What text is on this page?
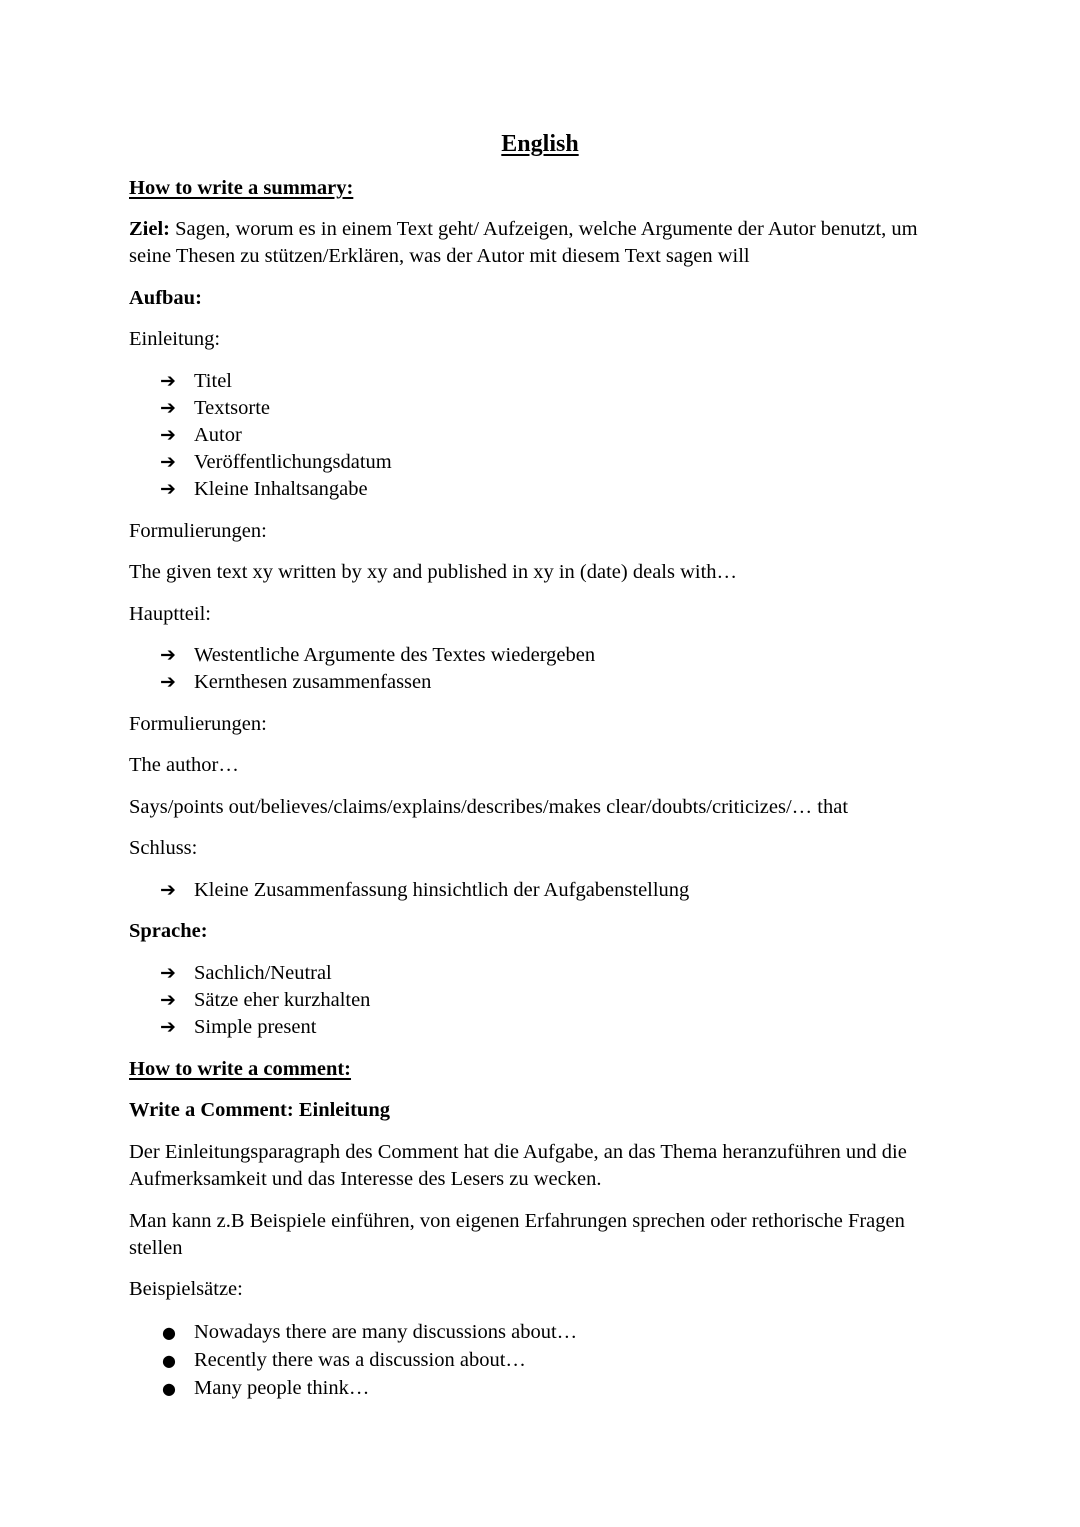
English
How to write a summary:
Ziel: Sagen, worum es in einem Text geht/ Aufzeigen, welche Argumente der Autor benutzt, um seine Thesen zu stützen/Erklären, was der Autor mit diesem Text sagen will
Aufbau:
Einleitung:
➔ Titel
➔ Textsorte
➔ Autor
➔ Veröffentlichungsdatum
➔ Kleine Inhaltsangabe
Formulierungen:
The given text xy written by xy and published in xy in (date) deals with…
Hauptteil:
➔ Westentliche Argumente des Textes wiedergeben
➔ Kernthesen zusammenfassen
Formulierungen:
The author…
Says/points out/believes/claims/explains/describes/makes clear/doubts/criticizes/… that
Schluss:
➔ Kleine Zusammenfassung hinsichtlich der Aufgabenstellung
Sprache:
➔ Sachlich/Neutral
➔ Sätze eher kurzhalten
➔ Simple present
How to write a comment:
Write a Comment: Einleitung
Der Einleitungsparagraph des Comment hat die Aufgabe, an das Thema heranzuführen und die Aufmerksamkeit und das Interesse des Lesers zu wecken.
Man kann z.B Beispiele einführen, von eigenen Erfahrungen sprechen oder rethorische Fragen stellen
Beispielsätze:
● Nowadays there are many discussions about…
● Recently there was a discussion about…
● Many people think…
